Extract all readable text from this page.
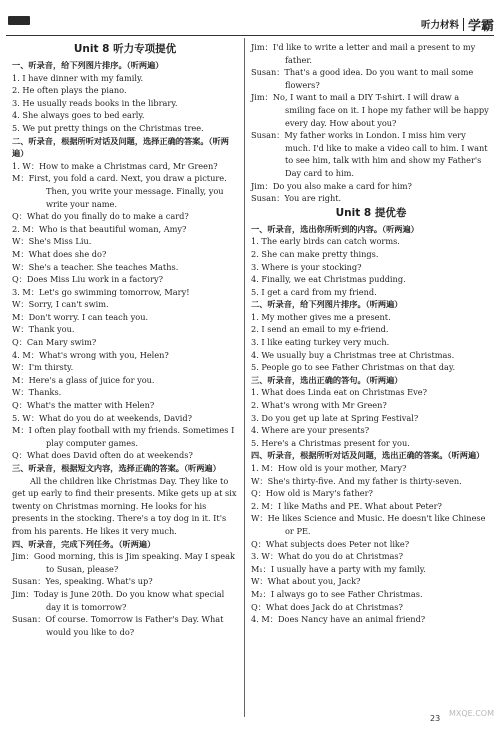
听力材料 学霸
Unit 8 听力专项提优
一、听录音，给下列图片排序。（听两遍）
1. I have dinner with my family.
2. He often plays the piano.
3. He usually reads books in the library.
4. She always goes to bed early.
5. We put pretty things on the Christmas tree.
二、听录音，根据所听对话及问题，选择正确的答案。（听两遍）
1. W：How to make a Christmas card, Mr Green?
M：First, you fold a card. Next, you draw a picture. Then, you write your message. Finally, you write your name.
Q：What do you finally do to make a card?
2. M：Who is that beautiful woman, Amy?
W：She's Miss Liu.
M：What does she do?
W：She's a teacher. She teaches Maths.
Q：Does Miss Liu work in a factory?
3. M：Let's go swimming tomorrow, Mary!
W：Sorry, I can't swim.
M：Don't worry. I can teach you.
W：Thank you.
Q：Can Mary swim?
4. M：What's wrong with you, Helen?
W：I'm thirsty.
M：Here's a glass of juice for you.
W：Thanks.
Q：What's the matter with Helen?
5. W：What do you do at weekends, David?
M：I often play football with my friends. Sometimes I play computer games.
Q：What does David often do at weekends?
三、听录音，根据短文内容，选择正确的答案。（听两遍）
All the children like Christmas Day. They like to get up early to find their presents. Mike gets up at six twenty on Christmas morning. He looks for his presents in the stocking. There's a toy dog in it. It's from his parents. He likes it very much.
四、听录音，完成下列任务。（听两遍）
Jim：Good morning, this is Jim speaking. May I speak to Susan, please?
Susan：Yes, speaking. What's up?
Jim：Today is June 20th. Do you know what special day it is tomorrow?
Susan：Of course. Tomorrow is Father's Day. What would you like to do?
Jim：I'd like to write a letter and mail a present to my father.
Susan：That's a good idea. Do you want to mail some flowers?
Jim：No, I want to mail a DIY T-shirt. I will draw a smiling face on it. I hope my father will be happy every day. How about you?
Susan：My father works in London. I miss him very much. I'd like to make a video call to him. I want to see him, talk with him and show my Father's Day card to him.
Jim：Do you also make a card for him?
Susan：You are right.
Unit 8 提优卷
一、听录音，选出你所听到的内容。（听两遍）
1. The early birds can catch worms.
2. She can make pretty things.
3. Where is your stocking?
4. Finally, we eat Christmas pudding.
5. I get a card from my friend.
二、听录音，给下列图片排序。（听两遍）
1. My mother gives me a present.
2. I send an email to my e-friend.
3. I like eating turkey very much.
4. We usually buy a Christmas tree at Christmas.
5. People go to see Father Christmas on that day.
三、听录音，选出正确的答句。（听两遍）
1. What does Linda eat on Christmas Eve?
2. What's wrong with Mr Green?
3. Do you get up late at Spring Festival?
4. Where are your presents?
5. Here's a Christmas present for you.
四、听录音，根据所听对话及问题，选出正确的答案。（听两遍）
1. M：How old is your mother, Mary?
W：She's thirty-five. And my father is thirty-seven.
Q：How old is Mary's father?
2. M：I like Maths and PE. What about Peter?
W：He likes Science and Music. He doesn't like Chinese or PE.
Q：What subjects does Peter not like?
3. W：What do you do at Christmas?
M₁：I usually have a party with my family.
W：What about you, Jack?
M₂：I always go to see Father Christmas.
Q：What does Jack do at Christmas?
4. M：Does Nancy have an animal friend?
23
MXQE.COM
